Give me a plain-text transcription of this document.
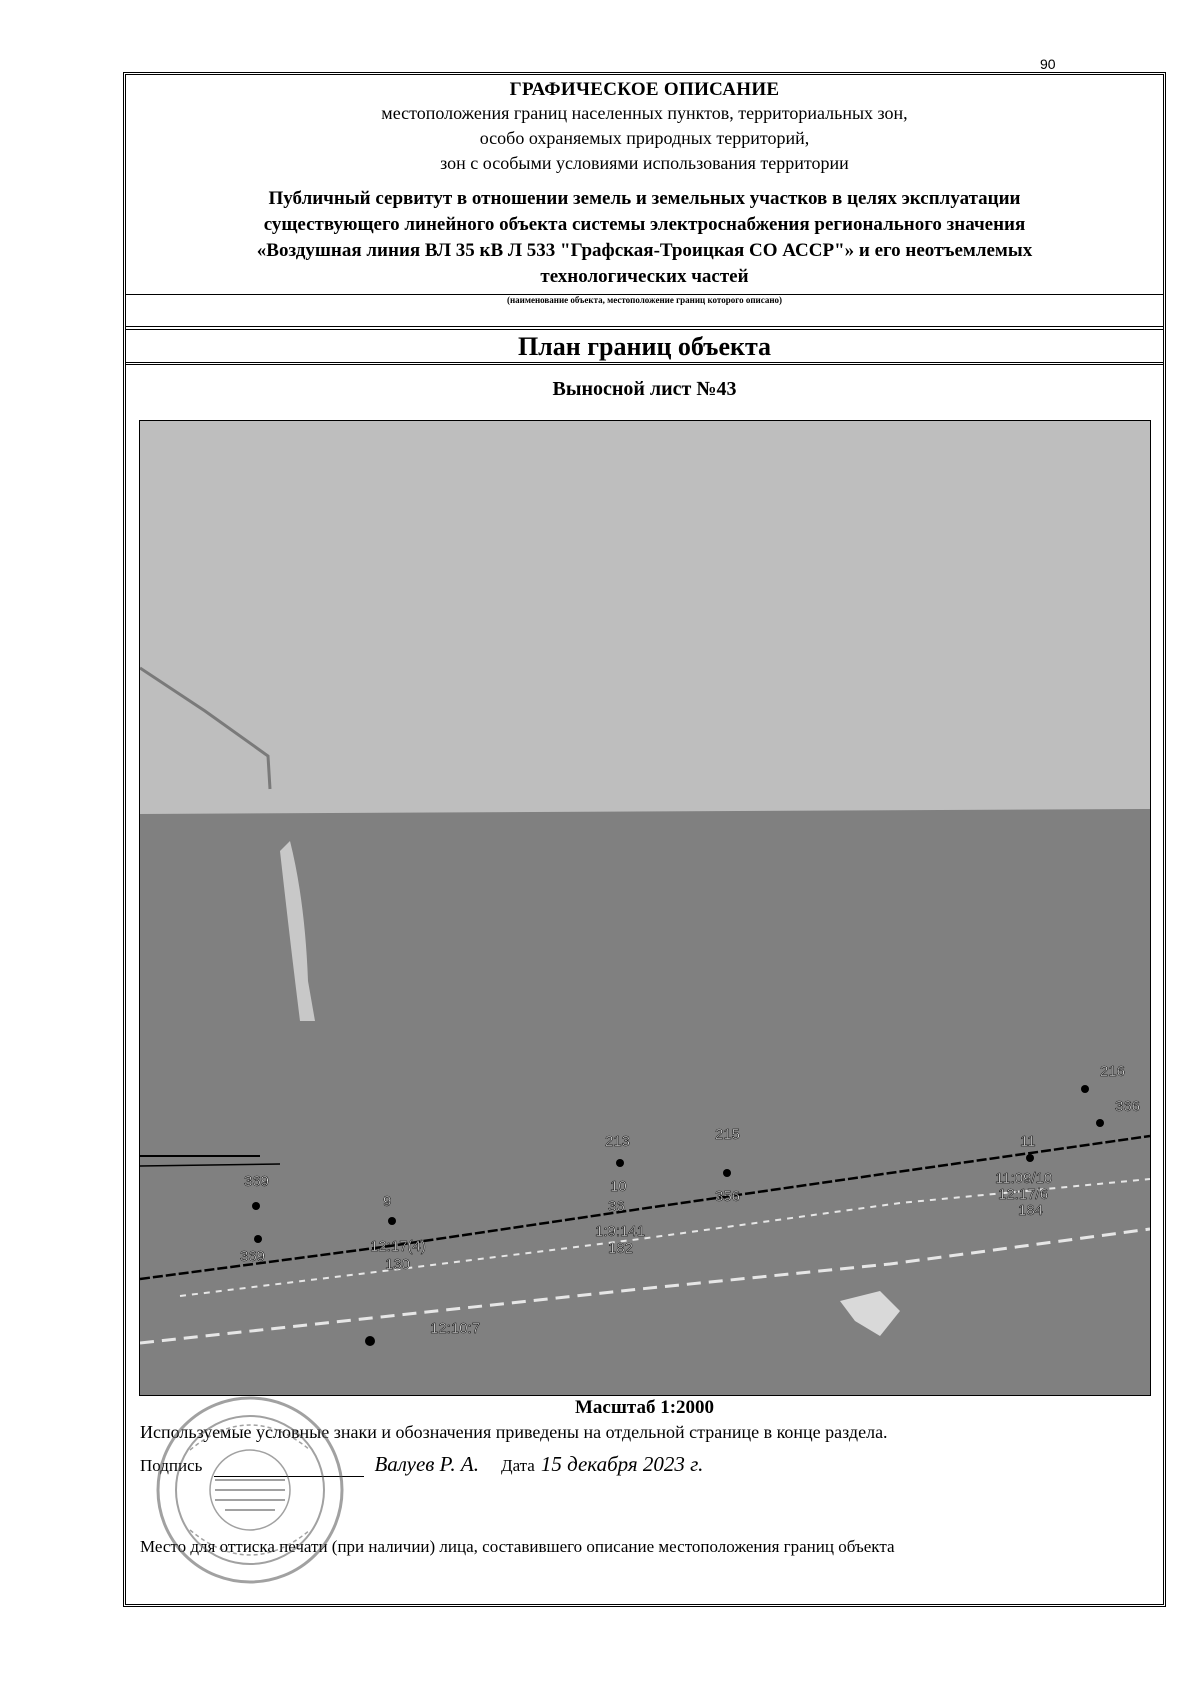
90
ГРАФИЧЕСКОЕ ОПИСАНИЕ
местоположения границ населенных пунктов, территориальных зон,
особо охраняемых природных территорий,
зон с особыми условиями использования территории
Публичный сервитут в отношении земель и земельных участков в целях эксплуатации
существующего линейного объекта системы электроснабжения регионального значения
«Воздушная линия ВЛ 35 кВ Л 533 "Графская-Троицкая СО АССР"» и его неотъемлемых
технологических частей
(наименование объекта, местоположение границ которого описано)
План границ объекта
Выносной лист №43
369
9
12:17(4)
130
213
10
36
1:9:141
182
215
356
11
11:09/10
12:17/6
184
216
366
369
12:10:7
Масштаб 1:2000
Используемые условные знаки и обозначения приведены на отдельной странице в конце раздела.
Подпись	Валуев Р. А. Дата 15 декабря 2023 г.
Место для оттиска печати (при наличии) лица, составившего описание местоположения границ объекта
